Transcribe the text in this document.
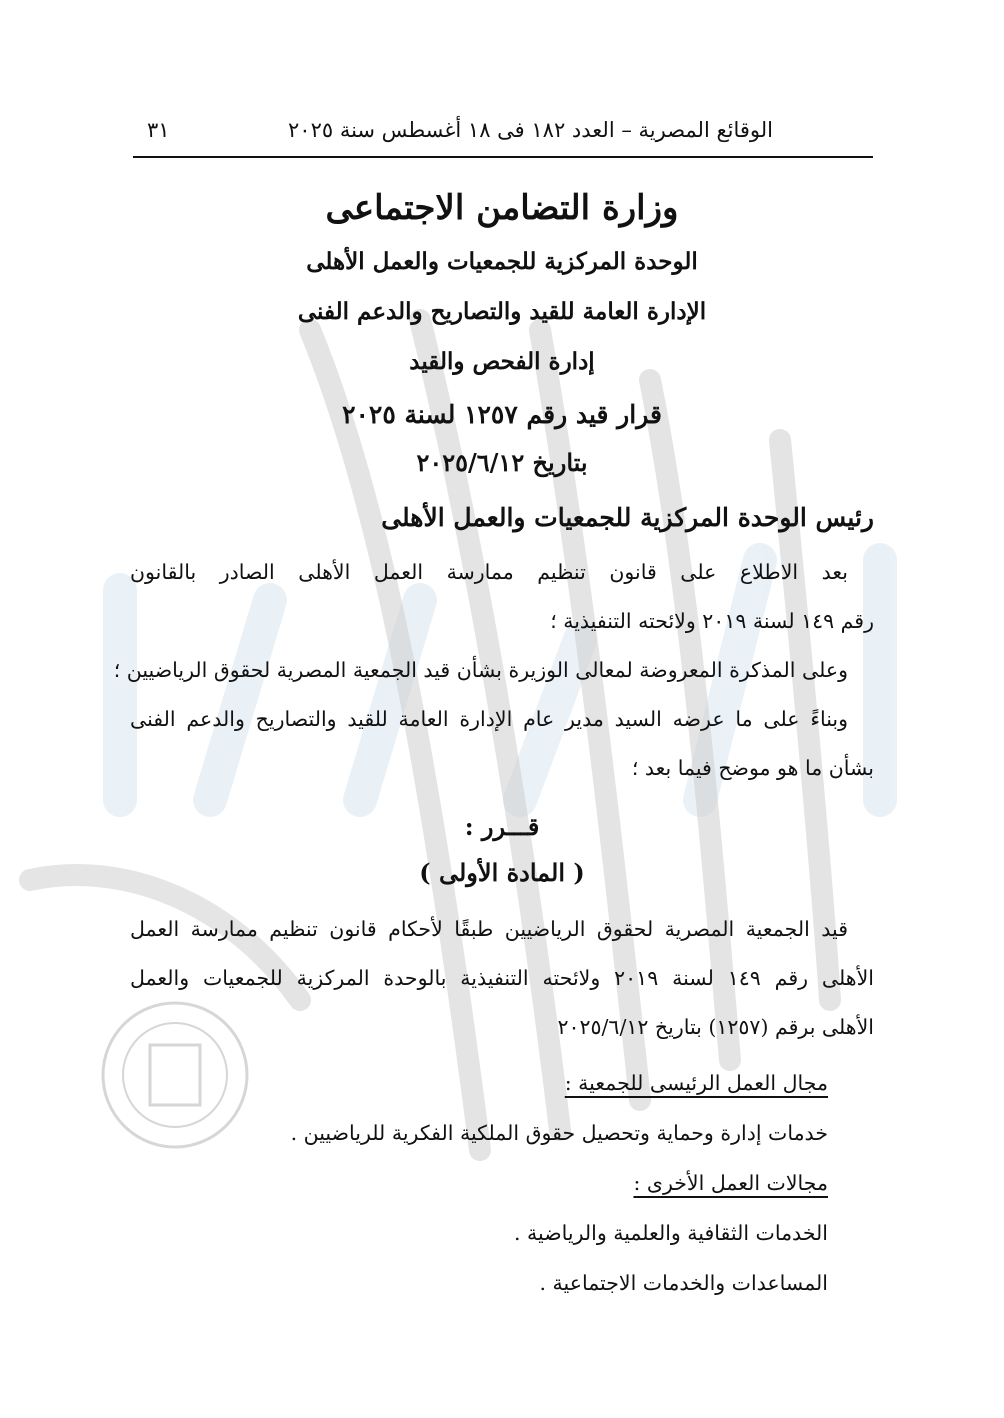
الوقائع المصرية – العدد ١٨٢ فى ١٨ أغسطس سنة ٢٠٢٥
٣١
وزارة التضامن الاجتماعى
الوحدة المركزية للجمعيات والعمل الأهلى
الإدارة العامة للقيد والتصاريح والدعم الفنى
إدارة الفحص والقيد
قرار قيد رقم ١٢٥٧ لسنة ٢٠٢٥
بتاريخ ٢٠٢٥/٦/١٢
رئيس الوحدة المركزية للجمعيات والعمل الأهلى
بعد الاطلاع على قانون تنظيم ممارسة العمل الأهلى الصادر بالقانون
رقم ١٤٩ لسنة ٢٠١٩ ولائحته التنفيذية ؛
وعلى المذكرة المعروضة لمعالى الوزيرة بشأن قيد الجمعية المصرية لحقوق الرياضيين ؛
وبناءً على ما عرضه السيد مدير عام الإدارة العامة للقيد والتصاريح والدعم الفنى
بشأن ما هو موضح فيما بعد ؛
قـــرر :
( المادة الأولى )
قيد الجمعية المصرية لحقوق الرياضيين طبقًا لأحكام قانون تنظيم ممارسة العمل
الأهلى رقم ١٤٩ لسنة ٢٠١٩ ولائحته التنفيذية بالوحدة المركزية للجمعيات والعمل
الأهلى برقم (١٢٥٧) بتاريخ ٢٠٢٥/٦/١٢
مجال العمل الرئيسى للجمعية :
خدمات إدارة وحماية وتحصيل حقوق الملكية الفكرية للرياضيين .
مجالات العمل الأخرى :
الخدمات الثقافية والعلمية والرياضية .
المساعدات والخدمات الاجتماعية .
